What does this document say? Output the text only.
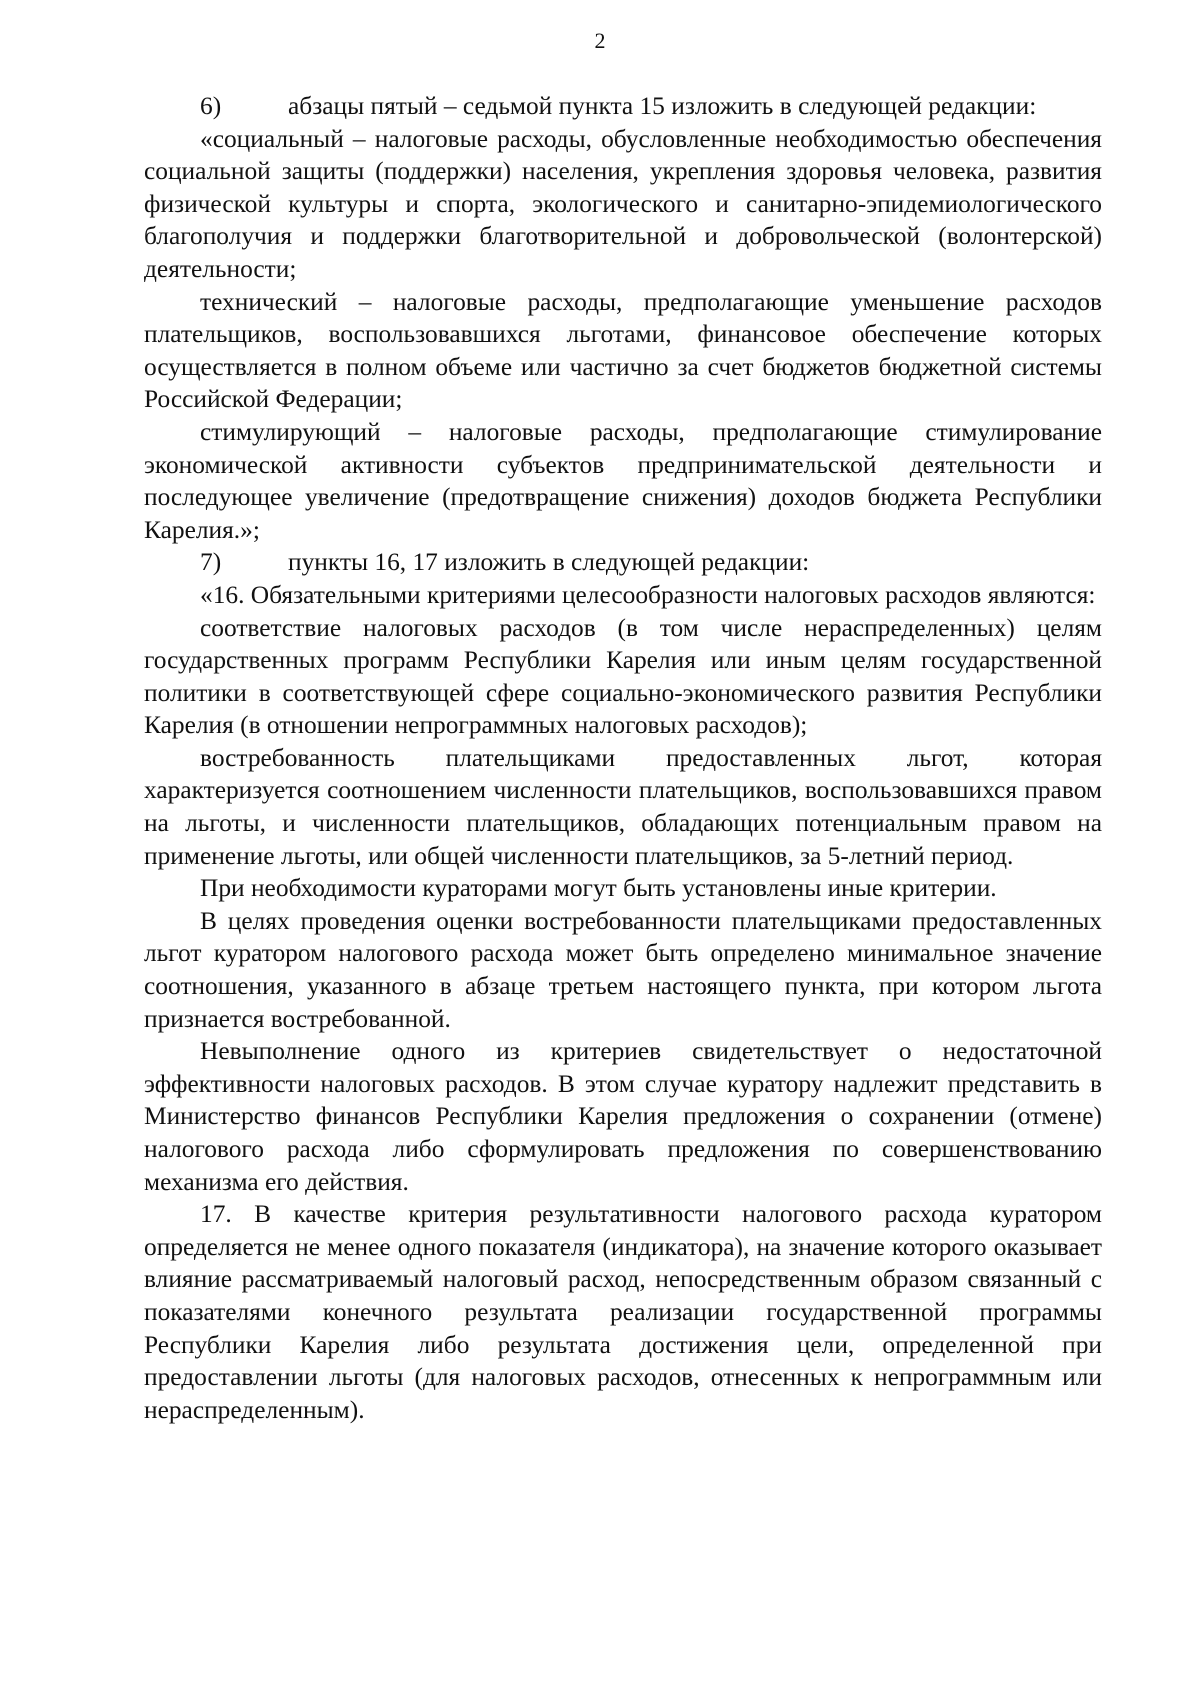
2

6)	абзацы пятый – седьмой пункта 15 изложить в следующей редакции:

«социальный – налоговые расходы, обусловленные необходимостью обеспечения социальной защиты (поддержки) населения, укрепления здоровья человека, развития физической культуры и спорта, экологического и санитарно-эпидемиологического благополучия и поддержки благотворительной и добровольческой (волонтерской) деятельности;

технический – налоговые расходы, предполагающие уменьшение расходов плательщиков, воспользовавшихся льготами, финансовое обеспечение которых осуществляется в полном объеме или частично за счет бюджетов бюджетной системы Российской Федерации;

стимулирующий – налоговые расходы, предполагающие стимулирование экономической активности субъектов предпринимательской деятельности и последующее увеличение (предотвращение снижения) доходов бюджета Республики Карелия.»;

7)	пункты 16, 17 изложить в следующей редакции:

«16. Обязательными критериями целесообразности налоговых расходов являются:

соответствие налоговых расходов (в том числе нераспределенных) целям государственных программ Республики Карелия или иным целям государственной политики в соответствующей сфере социально-экономического развития Республики Карелия (в отношении непрограммных налоговых расходов);

востребованность плательщиками предоставленных льгот, которая характеризуется соотношением численности плательщиков, воспользовавшихся правом на льготы, и численности плательщиков, обладающих потенциальным правом на применение льготы, или общей численности плательщиков, за 5-летний период.

При необходимости кураторами могут быть установлены иные критерии.

В целях проведения оценки востребованности плательщиками предоставленных льгот куратором налогового расхода может быть определено минимальное значение соотношения, указанного в абзаце третьем настоящего пункта, при котором льгота признается востребованной.

Невыполнение одного из критериев свидетельствует о недостаточной эффективности налоговых расходов. В этом случае куратору надлежит представить в Министерство финансов Республики Карелия предложения о сохранении (отмене) налогового расхода либо сформулировать предложения по совершенствованию механизма его действия.

17. В качестве критерия результативности налогового расхода куратором определяется не менее одного показателя (индикатора), на значение которого оказывает влияние рассматриваемый налоговый расход, непосредственным образом связанный с показателями конечного результата реализации государственной программы Республики Карелия либо результата достижения цели, определенной при предоставлении льготы (для налоговых расходов, отнесенных к непрограммным или нераспределенным).
